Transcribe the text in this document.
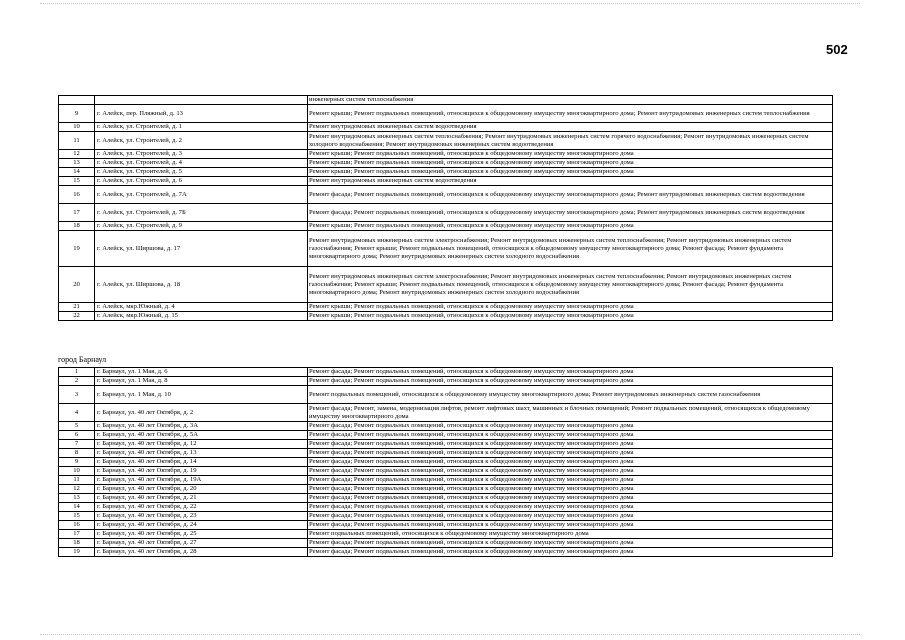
502
		инженерных систем теплоснабжения
9	г. Алейск, пер. Пляжный, д. 13	Ремонт крыши; Ремонт подвальных помещений, относящихся к общедомовому имуществу многоквартирного дома; Ремонт внутридомовых инженерных систем теплоснабжения
10	г. Алейск, ул. Строителей, д. 1	Ремонт внутридомовых инженерных систем водоотведения
11	г. Алейск, ул. Строителей, д. 2	Ремонт внутридомовых инженерных систем теплоснабжения; Ремонт внутридомовых инженерных систем горячего водоснабжения; Ремонт внутридомовых инженерных систем холодного водоснабжения; Ремонт внутридомовых инженерных систем водоотведения
12	г. Алейск, ул. Строителей, д. 3	Ремонт крыши; Ремонт подвальных помещений, относящихся к общедомовому имуществу многоквартирного дома
13	г. Алейск, ул. Строителей, д. 4	Ремонт крыши; Ремонт подвальных помещений, относящихся к общедомовому имуществу многоквартирного дома
14	г. Алейск, ул. Строителей, д. 5	Ремонт крыши; Ремонт подвальных помещений, относящихся к общедомовому имуществу многоквартирного дома
15	г. Алейск, ул. Строителей, д. 6	Ремонт внутридомовых инженерных систем водоотведения
16	г. Алейск, ул. Строителей, д. 7А	Ремонт фасада; Ремонт подвальных помещений, относящихся к общедомовому имуществу многоквартирного дома; Ремонт внутридомовых инженерных систем водоотведения
17	г. Алейск, ул. Строителей, д. 7Б	Ремонт фасада; Ремонт подвальных помещений, относящихся к общедомовому имуществу многоквартирного дома; Ремонт внутридомовых инженерных систем водоотведения
18	г. Алейск, ул. Строителей, д. 9	Ремонт крыши; Ремонт подвальных помещений, относящихся к общедомовому имуществу многоквартирного дома
19	г. Алейск, ул. Ширшова, д. 17	Ремонт внутридомовых инженерных систем электроснабжения; Ремонт внутридомовых инженерных систем теплоснабжения; Ремонт внутридомовых инженерных систем газоснабжения; Ремонт крыши; Ремонт подвальных помещений, относящихся к общедомовому имуществу многоквартирного дома; Ремонт фасада; Ремонт фундамента многоквартирного дома; Ремонт внутридомовых инженерных систем холодного водоснабжения
20	г. Алейск, ул. Ширшова, д. 18	Ремонт внутридомовых инженерных систем электроснабжения; Ремонт внутридомовых инженерных систем теплоснабжения; Ремонт внутридомовых инженерных систем газоснабжения; Ремонт крыши; Ремонт подвальных помещений, относящихся к общедомовому имуществу многоквартирного дома; Ремонт фасада; Ремонт фундамента многоквартирного дома; Ремонт внутридомовых инженерных систем холодного водоснабжения
21	г. Алейск, мкр.Южный, д. 4	Ремонт крыши; Ремонт подвальных помещений, относящихся к общедомовому имуществу многоквартирного дома
22	г. Алейск, мкр.Южный, д. 15	Ремонт крыши; Ремонт подвальных помещений, относящихся к общедомовому имуществу многоквартирного дома
город Барнаул
1	г. Барнаул, ул. 1 Мая, д. 6	Ремонт фасада; Ремонт подвальных помещений, относящихся к общедомовому имуществу многоквартирного дома
2	г. Барнаул, ул. 1 Мая, д. 8	Ремонт фасада; Ремонт подвальных помещений, относящихся к общедомовому имуществу многоквартирного дома
3	г. Барнаул, ул. 1 Мая, д. 10	Ремонт подвальных помещений, относящихся к общедомовому имуществу многоквартирного дома; Ремонт внутридомовых инженерных систем газоснабжения
4	г. Барнаул, ул. 40 лет Октября, д. 2	Ремонт фасада; Ремонт, замена, модернизация лифтов, ремонт лифтовых шахт, машинных и блочных помещений; Ремонт подвальных помещений, относящихся к общедомовому имуществу многоквартирного дома
5	г. Барнаул, ул. 40 лет Октября, д. 3А	Ремонт фасада; Ремонт подвальных помещений, относящихся к общедомовому имуществу многоквартирного дома
6	г. Барнаул, ул. 40 лет Октября, д. 5А	Ремонт фасада; Ремонт подвальных помещений, относящихся к общедомовому имуществу многоквартирного дома
7	г. Барнаул, ул. 40 лет Октября, д. 12	Ремонт фасада; Ремонт подвальных помещений, относящихся к общедомовому имуществу многоквартирного дома
8	г. Барнаул, ул. 40 лет Октября, д. 13	Ремонт фасада; Ремонт подвальных помещений, относящихся к общедомовому имуществу многоквартирного дома
9	г. Барнаул, ул. 40 лет Октября, д. 14	Ремонт фасада; Ремонт подвальных помещений, относящихся к общедомовому имуществу многоквартирного дома
10	г. Барнаул, ул. 40 лет Октября, д. 19	Ремонт фасада; Ремонт подвальных помещений, относящихся к общедомовому имуществу многоквартирного дома
11	г. Барнаул, ул. 40 лет Октября, д. 19А	Ремонт фасада; Ремонт подвальных помещений, относящихся к общедомовому имуществу многоквартирного дома
12	г. Барнаул, ул. 40 лет Октября, д. 20	Ремонт фасада; Ремонт подвальных помещений, относящихся к общедомовому имуществу многоквартирного дома
13	г. Барнаул, ул. 40 лет Октября, д. 21	Ремонт фасада; Ремонт подвальных помещений, относящихся к общедомовому имуществу многоквартирного дома
14	г. Барнаул, ул. 40 лет Октября, д. 22	Ремонт фасада; Ремонт подвальных помещений, относящихся к общедомовому имуществу многоквартирного дома
15	г. Барнаул, ул. 40 лет Октября, д. 23	Ремонт фасада; Ремонт подвальных помещений, относящихся к общедомовому имуществу многоквартирного дома
16	г. Барнаул, ул. 40 лет Октября, д. 24	Ремонт фасада; Ремонт подвальных помещений, относящихся к общедомовому имуществу многоквартирного дома
17	г. Барнаул, ул. 40 лет Октября, д. 25	Ремонт подвальных помещений, относящихся к общедомовому имуществу многоквартирного дома
18	г. Барнаул, ул. 40 лет Октября, д. 27	Ремонт фасада; Ремонт подвальных помещений, относящихся к общедомовому имуществу многоквартирного дома
19	г. Барнаул, ул. 40 лет Октября, д. 28	Ремонт фасада; Ремонт подвальных помещений, относящихся к общедомовому имуществу многоквартирного дома
